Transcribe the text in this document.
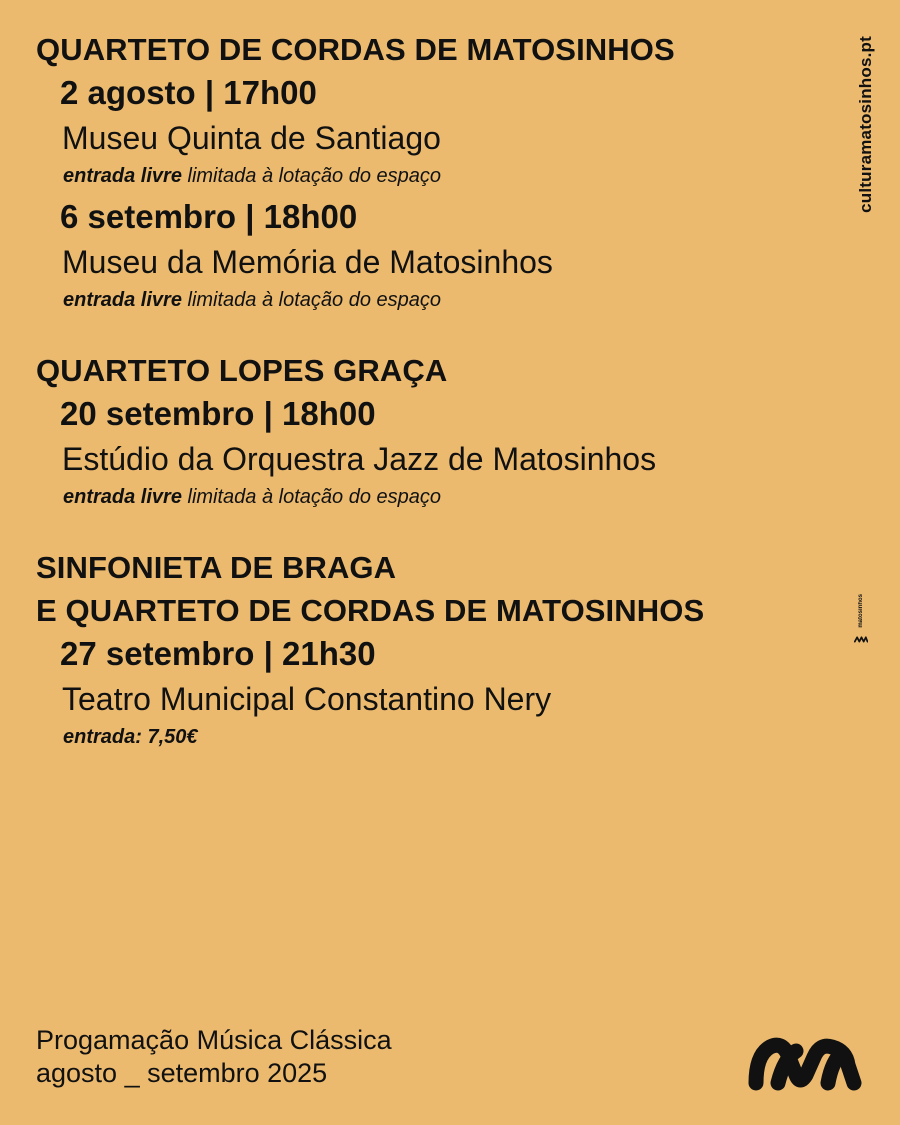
QUARTETO DE CORDAS DE MATOSINHOS
2 agosto | 17h00
Museu Quinta de Santiago
entrada livre limitada à lotação do espaço
6 setembro | 18h00
Museu da Memória de Matosinhos
entrada livre limitada à lotação do espaço
QUARTETO LOPES GRAÇA
20 setembro | 18h00
Estúdio da Orquestra Jazz de Matosinhos
entrada livre limitada à lotação do espaço
SINFONIETA DE BRAGA
E QUARTETO DE CORDAS DE MATOSINHOS
27 setembro | 21h30
Teatro Municipal Constantino Nery
entrada: 7,50€
culturamatosinhos.pt
matosinhos
Progamação Música Clássica
agosto _ setembro 2025
